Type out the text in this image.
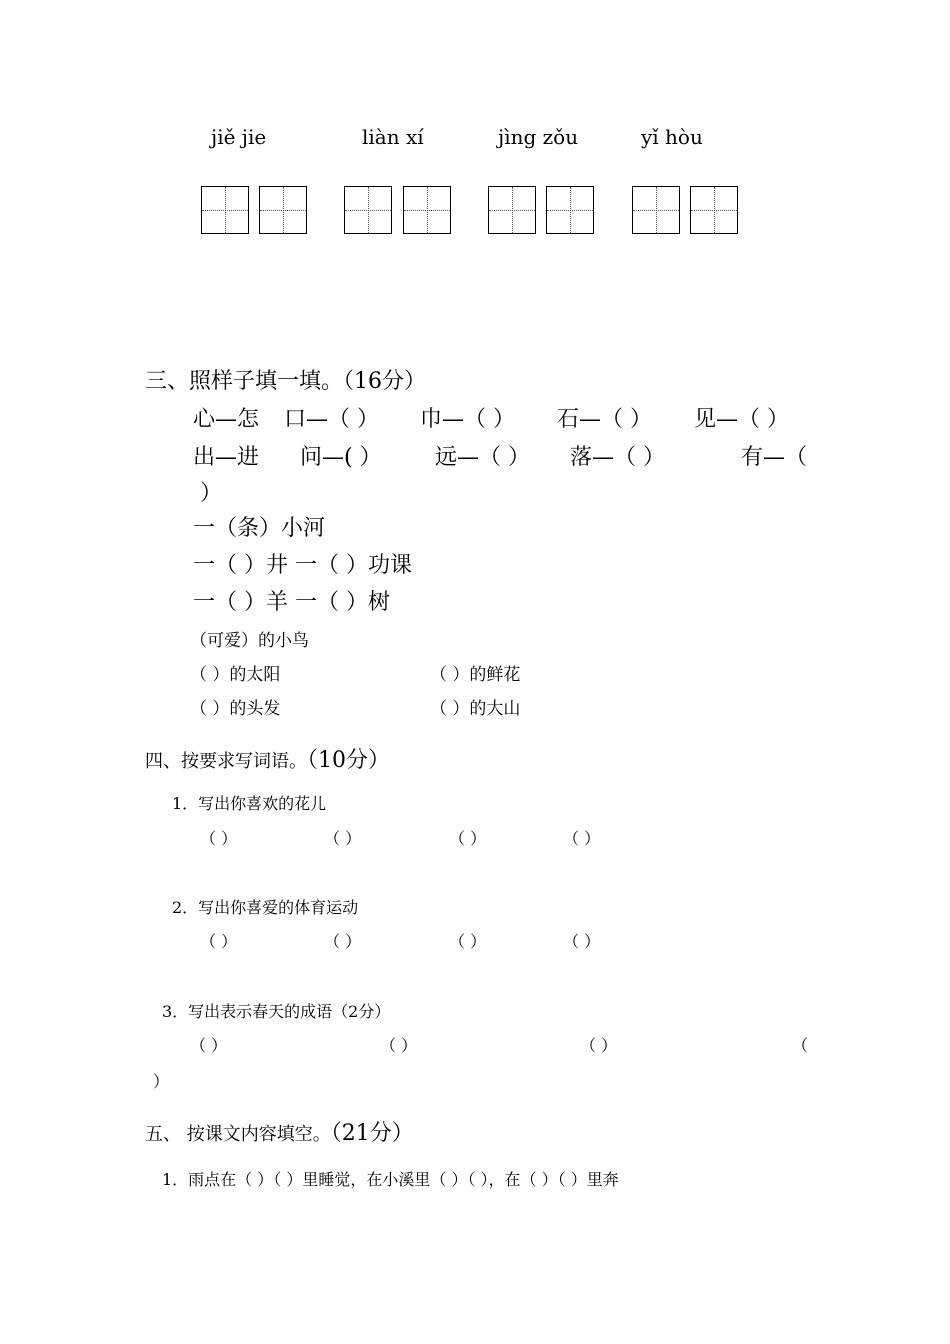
jiě jie	liàn xí	jìng zǒu	yǐ hòu
三、照样子填一填。（16分）
心—怎 口—（ ） 巾—（ ） 石—（ ） 见—（ ）
出—进 问—( ） 远—（ ） 落—（ ）	有—（
）
一（条）小河
一（ ）井 一（ ）功课
一（ ）羊 一（ ）树
（可爱）的小鸟
（ ）的太阳	（ ）的鲜花
（ ）的头发	（ ）的大山
四、按要求写词语。（10分）
1．写出你喜欢的花儿
（ ）	（ ）	（ ）	（ ）
2．写出你喜爱的体育运动
（ ）	（ ）	（ ）	（ ）
3．写出表示春天的成语（2分）
（ ）	（ ）	（ ）	（
）
五、 按课文内容填空。（21分）
1．雨点在（ ）（ ）里睡觉，在小溪里（ ）（ ），在（ ）（ ）里奔
